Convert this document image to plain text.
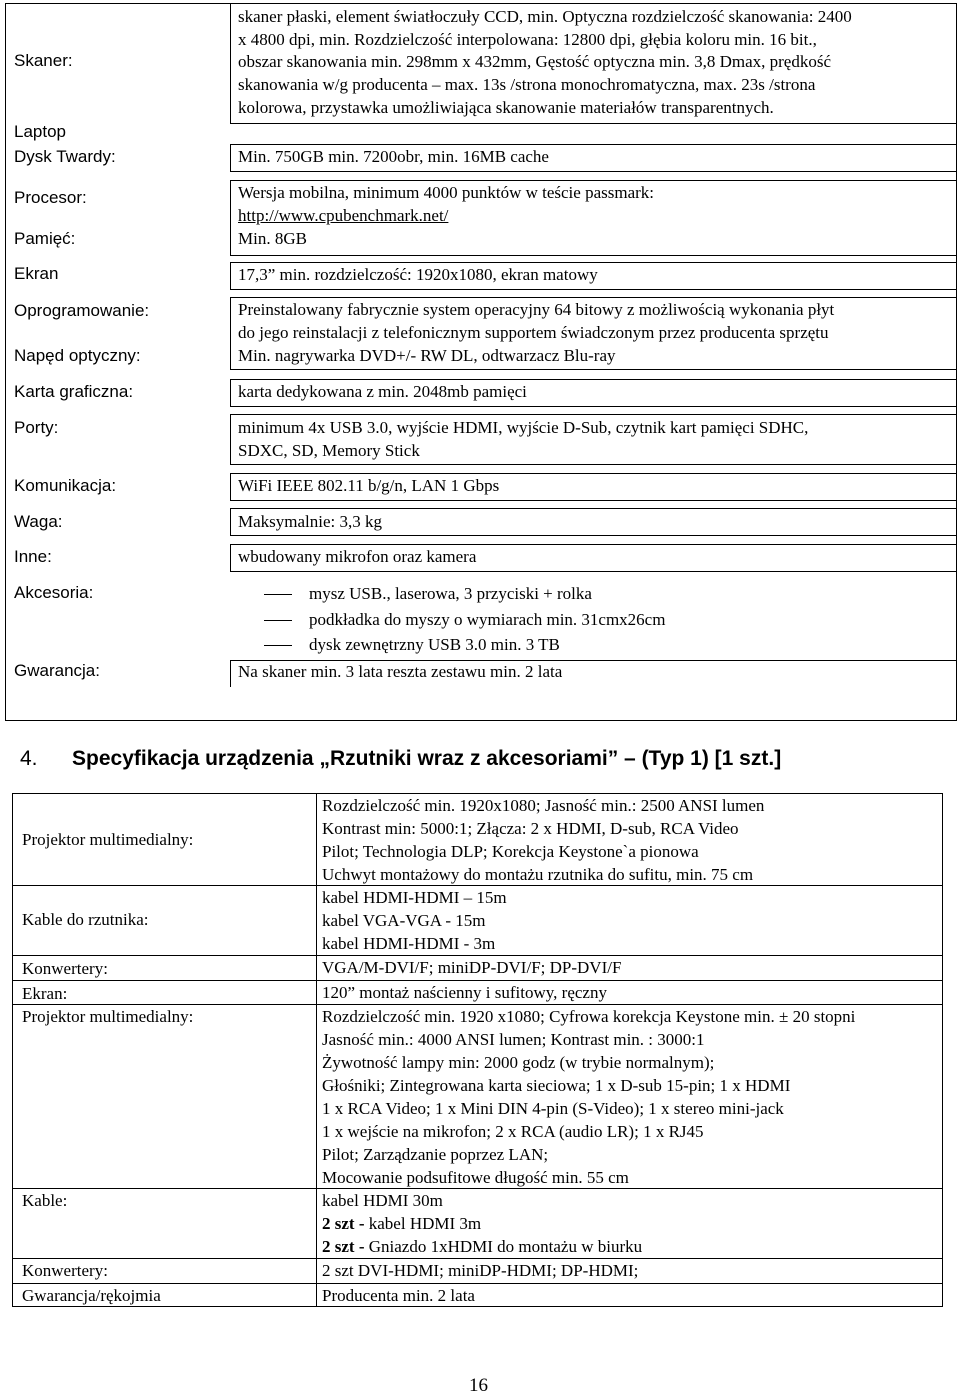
Skaner:
Laptop
Dysk Twardy:
Procesor:
Pamięć:
Ekran
Oprogramowanie:
Napęd optyczny:
Karta graficzna:
Porty:
Komunikacja:
Waga:
Inne:
Akcesoria:
Gwarancja:
skaner płaski, element światłoczuły CCD, min. Optyczna rozdzielczość skanowania: 2400
x 4800 dpi, min. Rozdzielczość interpolowana: 12800 dpi, głębia koloru min. 16 bit.,
obszar skanowania min. 298mm x 432mm, Gęstość optyczna min. 3,8 Dmax, prędkość
skanowania w/g producenta – max. 13s /strona monochromatyczna, max. 23s /strona
kolorowa, przystawka umożliwiająca skanowanie materiałów transparentnych.
Min. 750GB min. 7200obr, min. 16MB cache
Wersja mobilna, minimum 4000 punktów w teście passmark:
http://www.cpubenchmark.net/
Min. 8GB
17,3” min. rozdzielczość: 1920x1080, ekran matowy
Preinstalowany fabrycznie system operacyjny 64 bitowy z możliwością wykonania płyt
do jego reinstalacji z telefonicznym supportem świadczonym przez producenta sprzętu
Min. nagrywarka DVD+/- RW DL, odtwarzacz Blu-ray
karta dedykowana z min. 2048mb pamięci
minimum 4x USB 3.0, wyjście HDMI, wyjście D-Sub, czytnik kart pamięci SDHC,
SDXC, SD, Memory Stick
WiFi IEEE 802.11 b/g/n, LAN 1 Gbps
Maksymalnie: 3,3 kg
wbudowany mikrofon oraz kamera
mysz USB., laserowa, 3 przyciski + rolka
podkładka do myszy o wymiarach min. 31cmx26cm
dysk zewnętrzny USB 3.0 min. 3 TB
Na skaner min. 3 lata reszta zestawu min. 2 lata
4. Specyfikacja urządzenia „Rzutniki wraz z akcesoriami” – (Typ 1) [1 szt.]
Projektor multimedialny:
Kable do rzutnika:
Konwertery:
Ekran:
Projektor multimedialny:
Kable:
Konwertery:
Gwarancja/rękojmia
Rozdzielczość min. 1920x1080; Jasność min.: 2500 ANSI lumen
Kontrast min: 5000:1; Złącza: 2 x HDMI, D-sub, RCA Video
Pilot; Technologia DLP; Korekcja Keystone`a pionowa
Uchwyt montażowy do montażu rzutnika do sufitu, min. 75 cm
kabel HDMI-HDMI – 15m
kabel VGA-VGA - 15m
kabel HDMI-HDMI - 3m
VGA/M-DVI/F; miniDP-DVI/F; DP-DVI/F
120” montaż naścienny i sufitowy, ręczny
Rozdzielczość min. 1920 x1080; Cyfrowa korekcja Keystone min. ± 20 stopni
Jasność min.: 4000 ANSI lumen; Kontrast min. : 3000:1
Żywotność lampy min: 2000 godz (w trybie normalnym);
Głośniki; Zintegrowana karta sieciowa; 1 x D-sub 15-pin; 1 x HDMI
1 x RCA Video; 1 x Mini DIN 4-pin (S-Video); 1 x stereo mini-jack
1 x wejście na mikrofon; 2 x RCA (audio LR); 1 x RJ45
Pilot; Zarządzanie poprzez LAN;
Mocowanie podsufitowe długość min. 55 cm
kabel HDMI 30m
2 szt - kabel HDMI 3m
2 szt - Gniazdo 1xHDMI do montażu w biurku
2 szt DVI-HDMI; miniDP-HDMI; DP-HDMI;
Producenta min. 2 lata
16
